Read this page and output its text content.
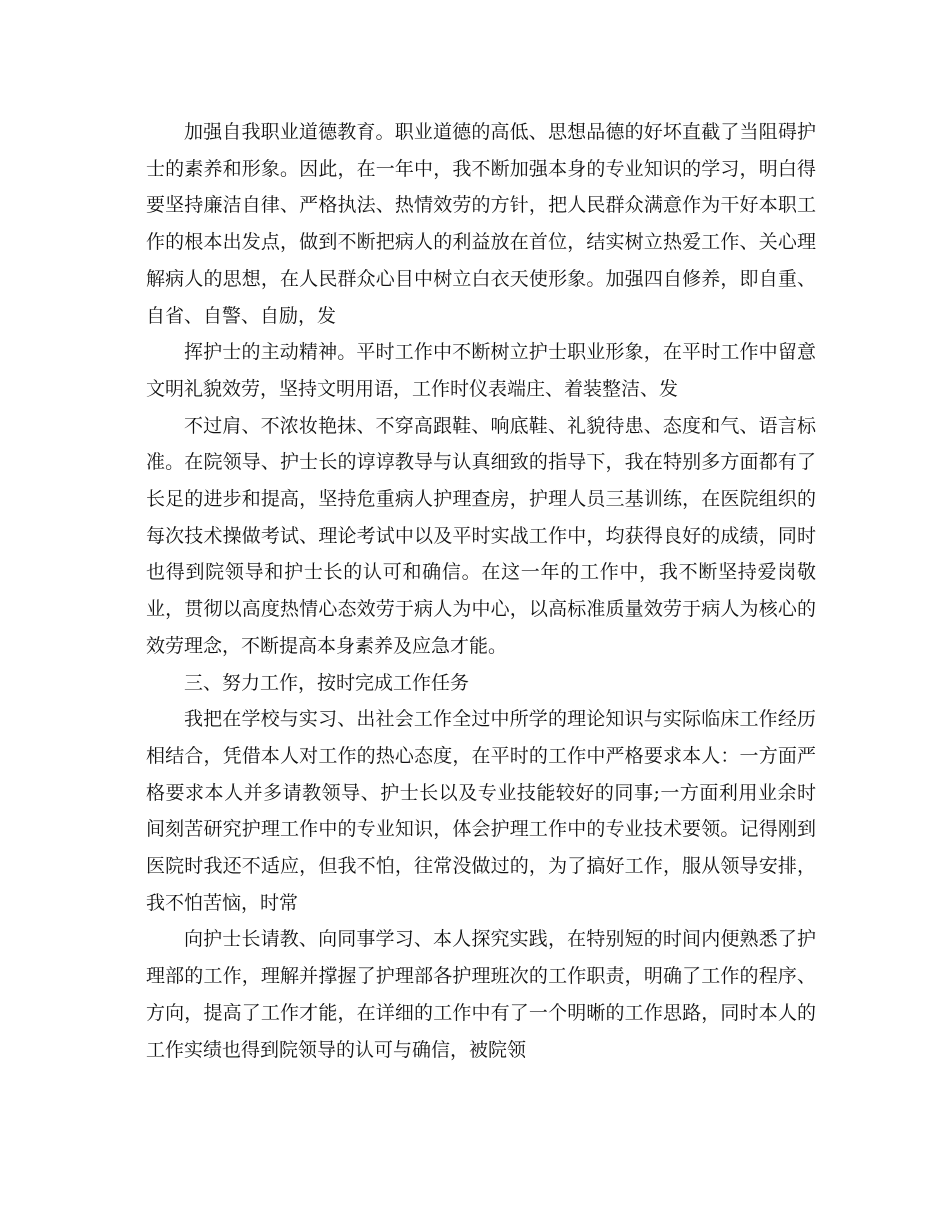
加强自我职业道德教育。职业道德的高低、思想品德的好坏直截了当阻碍护士的素养和形象。因此，在一年中，我不断加强本身的专业知识的学习，明白得要坚持廉洁自律、严格执法、热情效劳的方针，把人民群众满意作为干好本职工作的根本出发点，做到不断把病人的利益放在首位，结实树立热爱工作、关心理解病人的思想，在人民群众心目中树立白衣天使形象。加强四自修养，即自重、自省、自警、自励，发

挥护士的主动精神。平时工作中不断树立护士职业形象，在平时工作中留意文明礼貌效劳，坚持文明用语，工作时仪表端庄、着装整洁、发

不过肩、不浓妆艳抹、不穿高跟鞋、响底鞋、礼貌待患、态度和气、语言标准。在院领导、护士长的谆谆教导与认真细致的指导下，我在特别多方面都有了长足的进步和提高，坚持危重病人护理查房，护理人员三基训练，在医院组织的每次技术操做考试、理论考试中以及平时实战工作中，均获得良好的成绩，同时也得到院领导和护士长的认可和确信。在这一年的工作中，我不断坚持爱岗敬业，贯彻以高度热情心态效劳于病人为中心，以高标准质量效劳于病人为核心的效劳理念，不断提高本身素养及应急才能。

三、努力工作，按时完成工作任务

我把在学校与实习、出社会工作全过中所学的理论知识与实际临床工作经历相结合，凭借本人对工作的热心态度，在平时的工作中严格要求本人：一方面严格要求本人并多请教领导、护士长以及专业技能较好的同事;一方面利用业余时间刻苦研究护理工作中的专业知识，体会护理工作中的专业技术要领。记得刚到医院时我还不适应，但我不怕，往常没做过的，为了搞好工作，服从领导安排，我不怕苦恼，时常

向护士长请教、向同事学习、本人探究实践，在特别短的时间内便熟悉了护理部的工作，理解并撑握了护理部各护理班次的工作职责，明确了工作的程序、方向，提高了工作才能，在详细的工作中有了一个明晰的工作思路，同时本人的工作实绩也得到院领导的认可与确信，被院领
